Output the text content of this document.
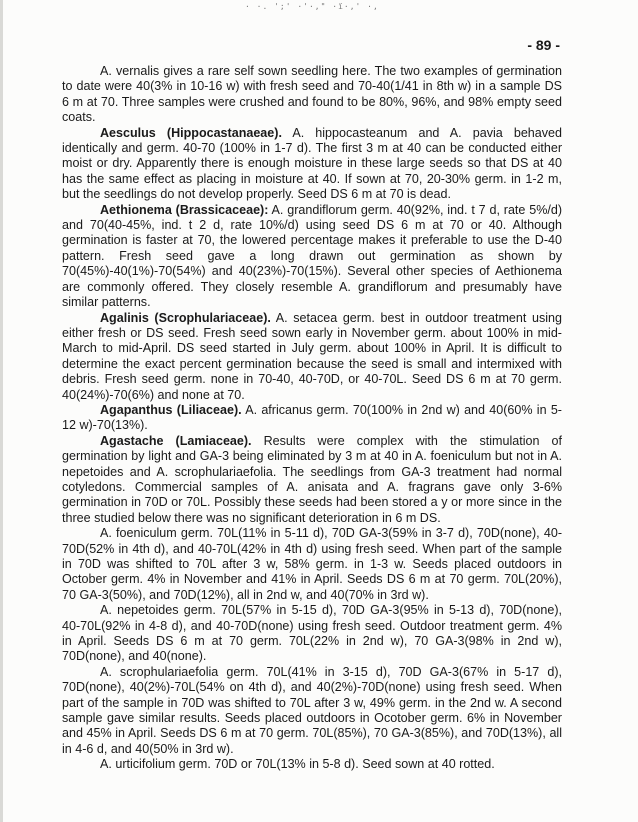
· ·. ';' ·'·," ·ï·,' ·,
- 89 -

A. vernalis gives a rare self sown seedling here. The two examples of germination to date were 40(3% in 10-16 w) with fresh seed and 70-40(1/41 in 8th w) in a sample DS 6 m at 70. Three samples were crushed and found to be 80%, 96%, and 98% empty seed coats.

Aesculus (Hippocastanaeae). A. hippocasteanum and A. pavia behaved identically and germ. 40-70 (100% in 1-7 d). The first 3 m at 40 can be conducted either moist or dry. Apparently there is enough moisture in these large seeds so that DS at 40 has the same effect as placing in moisture at 40. If sown at 70, 20-30% germ. in 1-2 m, but the seedlings do not develop properly. Seed DS 6 m at 70 is dead.

Aethionema (Brassicaceae): A. grandiflorum germ. 40(92%, ind. t 7 d, rate 5%/d) and 70(40-45%, ind. t 2 d, rate 10%/d) using seed DS 6 m at 70 or 40. Although germination is faster at 70, the lowered percentage makes it preferable to use the D-40 pattern. Fresh seed gave a long drawn out germination as shown by 70(45%)-40(1%)-70(54%) and 40(23%)-70(15%). Several other species of Aethionema are commonly offered. They closely resemble A. grandiflorum and presumably have similar patterns.

Agalinis (Scrophulariaceae). A. setacea germ. best in outdoor treatment using either fresh or DS seed. Fresh seed sown early in November germ. about 100% in mid-March to mid-April. DS seed started in July germ. about 100% in April. It is difficult to determine the exact percent germination because the seed is small and intermixed with debris. Fresh seed germ. none in 70-40, 40-70D, or 40-70L. Seed DS 6 m at 70 germ. 40(24%)-70(6%) and none at 70.

Agapanthus (Liliaceae). A. africanus germ. 70(100% in 2nd w) and 40(60% in 5-12 w)-70(13%).

Agastache (Lamiaceae). Results were complex with the stimulation of germination by light and GA-3 being eliminated by 3 m at 40 in A. foeniculum but not in A. nepetoides and A. scrophulariaefolia. The seedlings from GA-3 treatment had normal cotyledons. Commercial samples of A. anisata and A. fragrans gave only 3-6% germination in 70D or 70L. Possibly these seeds had been stored a y or more since in the three studied below there was no significant deterioration in 6 m DS.

A. foeniculum germ. 70L(11% in 5-11 d), 70D GA-3(59% in 3-7 d), 70D(none), 40-70D(52% in 4th d), and 40-70L(42% in 4th d) using fresh seed. When part of the sample in 70D was shifted to 70L after 3 w, 58% germ. in 1-3 w. Seeds placed outdoors in October germ. 4% in November and 41% in April. Seeds DS 6 m at 70 germ. 70L(20%), 70 GA-3(50%), and 70D(12%), all in 2nd w, and 40(70% in 3rd w).

A. nepetoides germ. 70L(57% in 5-15 d), 70D GA-3(95% in 5-13 d), 70D(none), 40-70L(92% in 4-8 d), and 40-70D(none) using fresh seed. Outdoor treatment germ. 4% in April. Seeds DS 6 m at 70 germ. 70L(22% in 2nd w), 70 GA-3(98% in 2nd w), 70D(none), and 40(none).

A. scrophulariaefolia germ. 70L(41% in 3-15 d), 70D GA-3(67% in 5-17 d), 70D(none), 40(2%)-70L(54% on 4th d), and 40(2%)-70D(none) using fresh seed. When part of the sample in 70D was shifted to 70L after 3 w, 49% germ. in the 2nd w. A second sample gave similar results. Seeds placed outdoors in Ocotober germ. 6% in November and 45% in April. Seeds DS 6 m at 70 germ. 70L(85%), 70 GA-3(85%), and 70D(13%), all in 4-6 d, and 40(50% in 3rd w).

A. urticifolium germ. 70D or 70L(13% in 5-8 d). Seed sown at 40 rotted.
